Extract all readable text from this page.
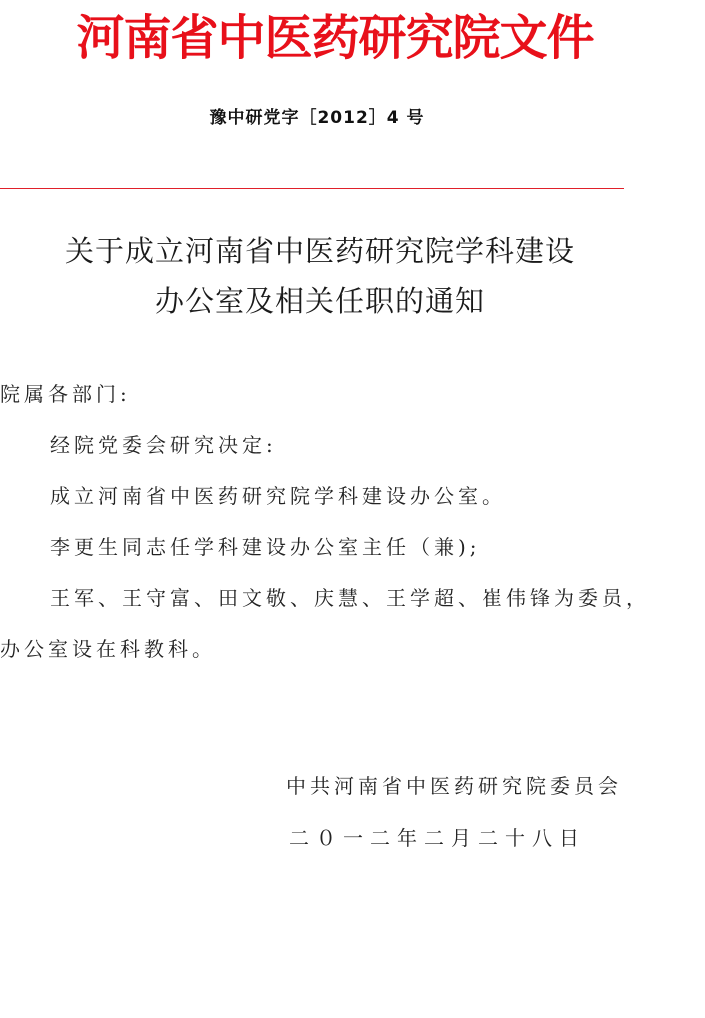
河南省中医药研究院文件
豫中研党字［2012］4 号
关于成立河南省中医药研究院学科建设
办公室及相关任职的通知
院属各部门:
经院党委会研究决定:
成立河南省中医药研究院学科建设办公室。
李更生同志任学科建设办公室主任（兼);
王军、王守富、田文敬、庆慧、王学超、崔伟锋为委员，
办公室设在科教科。
中共河南省中医药研究院委员会
二０一二年二月二十八日
